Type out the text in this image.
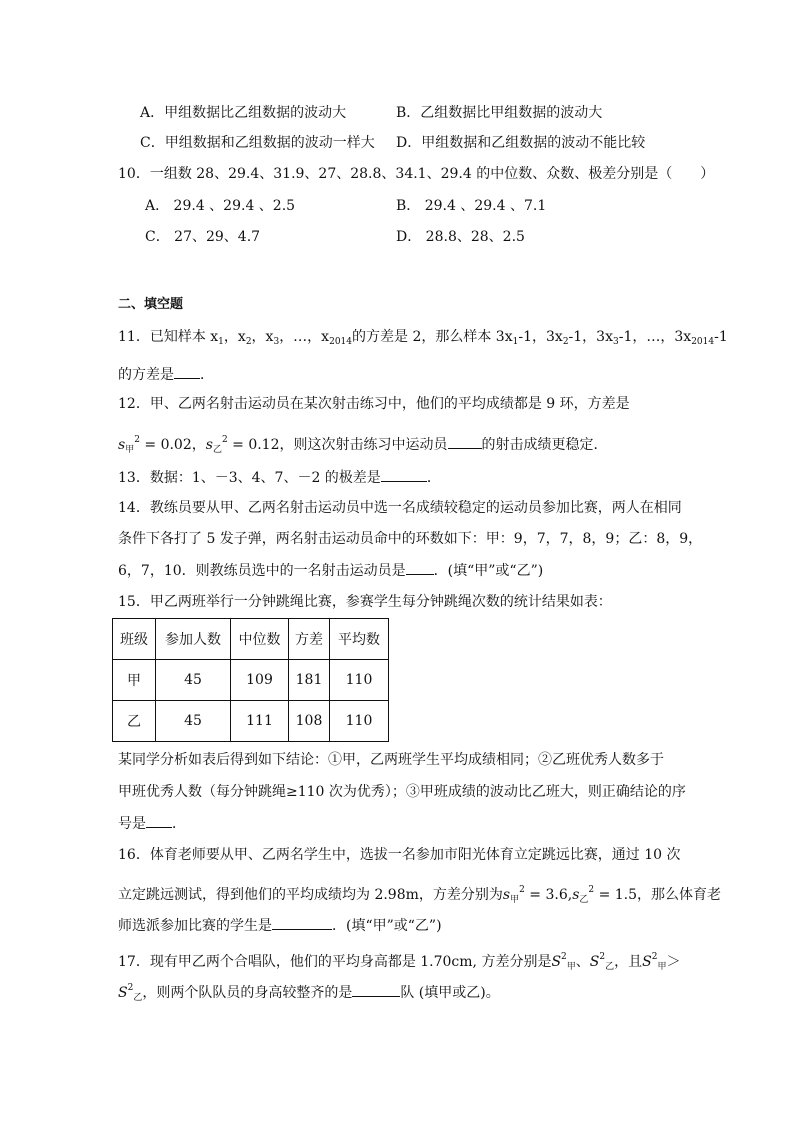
A．甲组数据比乙组数据的波动大	B．乙组数据比甲组数据的波动大
C．甲组数据和乙组数据的波动一样大 D．甲组数据和乙组数据的波动不能比较
10．一组数 28、29.4、31.9、27、28.8、34.1、29.4 的中位数、众数、极差分别是（　　）
A． 29.4 、29.4 、2.5	B． 29.4 、29.4 、7.1
C． 27、29、4.7	D． 28.8、28、2.5
二、填空题
11．已知样本 $x_1$，$x_2$，$x_3$，…，$x_{2014}$的方差是 2，那么样本 $3x_1-1$，$3x_2-1$，$3x_3-1$，…，$3x_{2014}-1$
的方差是 ．
12．甲、乙两名射击运动员在某次射击练习中，他们的平均成绩都是 9 环，方差是
$s_甲^2 = 0.02$，$s_乙^2 = 0.12$，则这次射击练习中运动员 的射击成绩更稳定．
13．数据：1、－3、4、7、－2 的极差是	．
14．教练员要从甲、乙两名射击运动员中选一名成绩较稳定的运动员参加比赛，两人在相同
条件下各打了 5 发子弹，两名射击运动员命中的环数如下：甲：9，7，7，8，9；乙：8，9，
6，7，10．则教练员选中的一名射击运动员是 ．(填“甲”或“乙”)
15．甲乙两班举行一分钟跳绳比赛，参赛学生每分钟跳绳次数的统计结果如表：
班级	参加人数	中位数	方差	平均数
甲	45	109	181	110
乙	45	111	108	110
某同学分析如表后得到如下结论：①甲，乙两班学生平均成绩相同；②乙班优秀人数多于
甲班优秀人数（每分钟跳绳≥110 次为优秀）；③甲班成绩的波动比乙班大，则正确结论的序
号是 ．
16．体育老师要从甲、乙两名学生中，选拔一名参加市阳光体育立定跳远比赛，通过 10 次
立定跳远测试，得到他们的平均成绩均为 2.98m，方差分别为$s_甲^2 = 3.6,s_乙^2 = 1.5$，那么体育老
师选派参加比赛的学生是	．(填“甲”或“乙”)
17．现有甲乙两个合唱队，他们的平均身高都是 1.70cm, 方差分别是$S^2_甲$、$S^2_乙$，且$S^2_甲>$
$S^2_乙$，则两个队队员的身高较整齐的是	队 (填甲或乙)。
